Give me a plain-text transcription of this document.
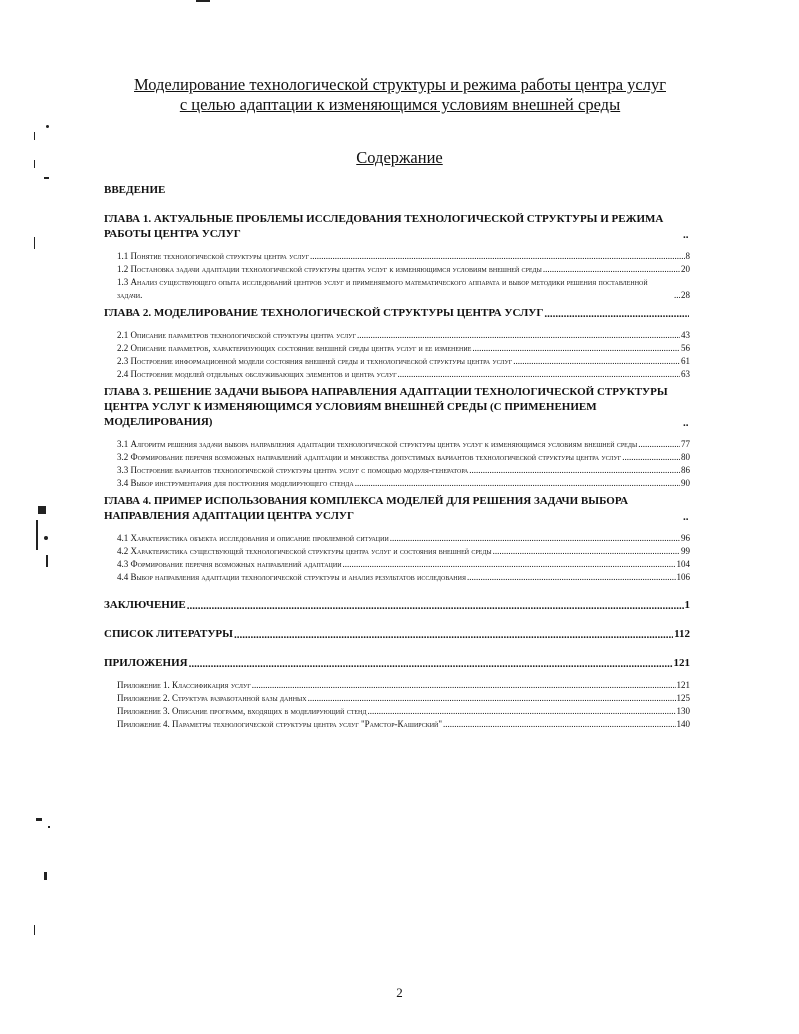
Моделирование технологической структуры и режима работы центра услуг
с целью адаптации к изменяющимся условиям внешней среды
Содержание
ВВЕДЕНИЕ
ГЛАВА 1. АКТУАЛЬНЫЕ ПРОБЛЕМЫ ИССЛЕДОВАНИЯ ТЕХНОЛОГИЧЕСКОЙ СТРУКТУРЫ И РЕЖИМА РАБОТЫ ЦЕНТРА УСЛУГ
.....
1.1 Понятие технологической структуры центра услуг .....	8
1.2 Постановка задачи адаптации технологической структуры центра услуг к изменяющимся условиям внешней среды .....	20
1.3 Анализ существующего опыта исследований центров услуг и применяемого математического аппарата и выбор методики решения поставленной задачи. .....	28
ГЛАВА 2. МОДЕЛИРОВАНИЕ ТЕХНОЛОГИЧЕСКОЙ СТРУКТУРЫ ЦЕНТРА УСЛУГ
.....
2.1 Описание параметров технологической структуры центра услуг .....	43
2.2 Описание параметров, характеризующих состояние внешней среды центра услуг и ее изменение .....	56
2.3 Построение информационной модели состояния внешней среды и технологической структуры центра услуг .....	61
2.4 Построение моделей отдельных обслуживающих элементов и центра услуг .....	63
ГЛАВА 3. РЕШЕНИЕ ЗАДАЧИ ВЫБОРА НАПРАВЛЕНИЯ АДАПТАЦИИ ТЕХНОЛОГИЧЕСКОЙ СТРУКТУРЫ ЦЕНТРА УСЛУГ К ИЗМЕНЯЮЩИМСЯ УСЛОВИЯМ ВНЕШНЕЙ СРЕДЫ (С ПРИМЕНЕНИЕМ МОДЕЛИРОВАНИЯ)
.....
3.1 Алгоритм решения задачи выбора направления адаптации технологической структуры центра услуг к изменяющимся условиям внешней среды .....	77
3.2 Формирование перечня возможных направлений адаптации и множества допустимых вариантов технологической структуры центра услуг .....	80
3.3 Построение вариантов технологической структуры центра услуг с помощью модуля-генератора .....	86
3.4 Выбор инструментария для построения моделирующего стенда .....	90
ГЛАВА 4. ПРИМЕР ИСПОЛЬЗОВАНИЯ КОМПЛЕКСА МОДЕЛЕЙ ДЛЯ РЕШЕНИЯ ЗАДАЧИ ВЫБОРА НАПРАВЛЕНИЯ АДАПТАЦИИ ЦЕНТРА УСЛУГ
.....
4.1 Характеристика объекта исследования и описание проблемной ситуации .....	96
4.2 Характеристика существующей технологической структуры центра услуг и состояния внешней среды .....	99
4.3 Формирование перечня возможных направлений адаптации .....	104
4.4 Выбор направления адаптации технологической структуры и анализ результатов исследования .....	106
ЗАКЛЮЧЕНИЕ .....	1
СПИСОК ЛИТЕРАТУРЫ .....	112
ПРИЛОЖЕНИЯ .....	121
Приложение 1. Классификация услуг .....	121
Приложение 2. Структура разработанной базы данных .....	125
Приложение 3. Описание программ, входящих в моделирующий стенд .....	130
Приложение 4. Параметры технологической структуры центра услуг "Рамстор-Каширский" .....	140
2
